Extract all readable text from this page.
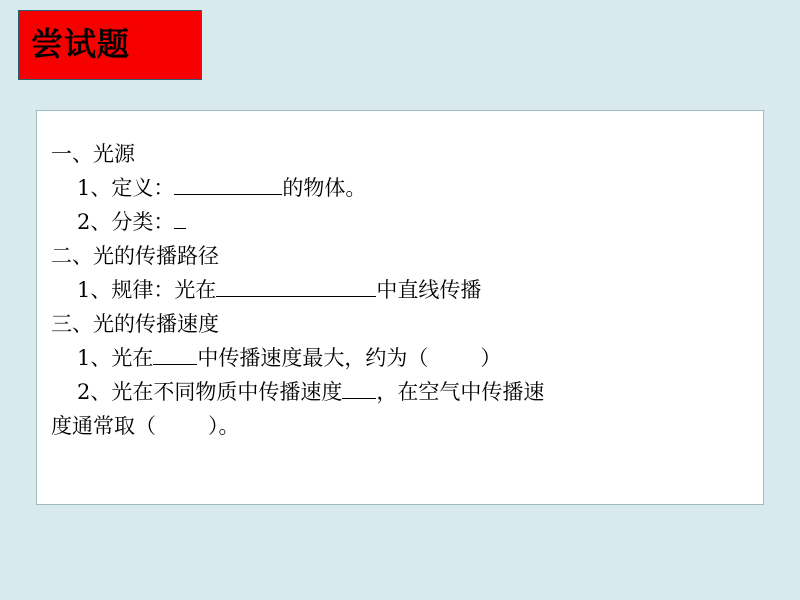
尝试题
一、光源
1、定义：	的物体。
2、分类：
二、光的传播路径
1、规律：光在	中直线传播
三、光的传播速度
1、光在 中传播速度最大，约为（ ）
2、光在不同物质中传播速度 ，在空气中传播速
度通常取（ ）。
